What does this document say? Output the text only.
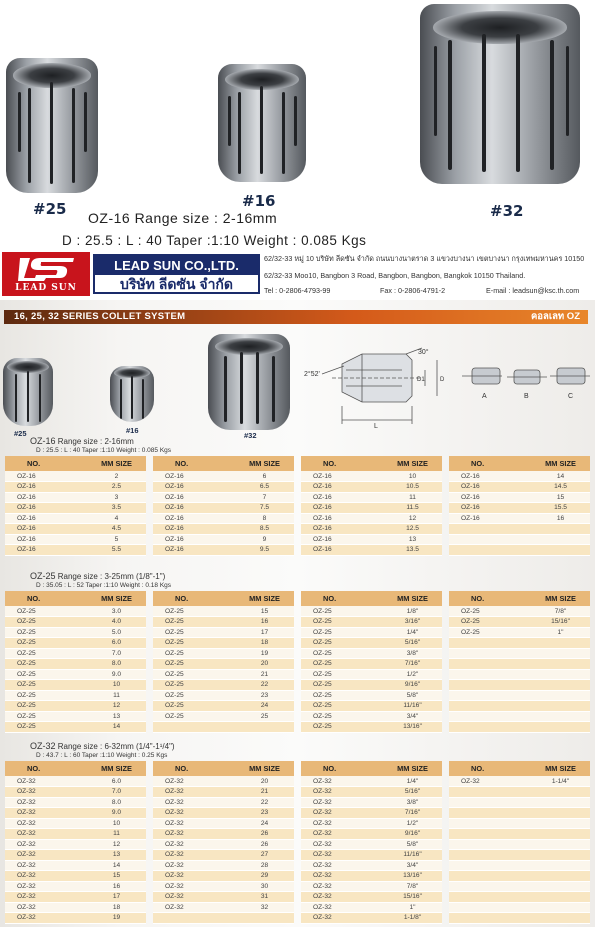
#25	#16
#32
OZ-16 Range size : 2-16mm
D : 25.5 : L : 40 Taper :1:10 Weight : 0.085 Kgs
LEAD SUN
LEAD SUN CO.,LTD.
บริษัท ลีดซัน จำกัด
62/32-33 หมู่ 10 บริษัท ลีดซัน จำกัด ถนนบางนาตราด 3 แขวงบางนา เขตบางนา กรุงเทพมหานคร 10150
62/32-33 Moo10, Bangbon 3 Road, Bangbon, Bangbon, Bangkok 10150 Thailand.
Tel : 0-2806-4793-99	Fax : 0-2806-4791-2	E-mail : leadsun@ksc.th.com
16, 25, 32 SERIES COLLET SYSTEM	คอลเลท OZ
#25	#16
#32
30°
2°52'
D1	D
L
A	B	C
OZ-16 Range size : 2-16mm
D : 25.5 : L : 40 Taper :1:10 Weight : 0.085 Kgs
OZ-25 Range size : 3-25mm (1/8"-1")
D : 35.05 : L : 52 Taper :1:10 Weight : 0.18 Kgs
OZ-32 Range size : 6-32mm (1/4"-1¹/4")
D : 43.7 : L : 60 Taper :1:10 Weight : 0.25 Kgs
NO.	MM SIZE
OZ-16	2
OZ-16	2.5
OZ-16	3
OZ-16	3.5
OZ-16	4
OZ-16	4.5
OZ-16	5
OZ-16	5.5
NO.	MM SIZE
OZ-16	6
OZ-16	6.5
OZ-16	7
OZ-16	7.5
OZ-16	8
OZ-16	8.5
OZ-16	9
OZ-16	9.5
NO.	MM SIZE
OZ-16	10
OZ-16	10.5
OZ-16	11
OZ-16	11.5
OZ-16	12
OZ-16	12.5
OZ-16	13
OZ-16	13.5
NO.	MM SIZE
OZ-16	14
OZ-16	14.5
OZ-16	15
OZ-16	15.5
OZ-16	16

NO.	MM SIZE
OZ-25	3.0
OZ-25	4.0
OZ-25	5.0
OZ-25	6.0
OZ-25	7.0
OZ-25	8.0
OZ-25	9.0
OZ-25	10
OZ-25	11
OZ-25	12
OZ-25	13
OZ-25	14
NO.	MM SIZE
OZ-25	15
OZ-25	16
OZ-25	17
OZ-25	18
OZ-25	19
OZ-25	20
OZ-25	21
OZ-25	22
OZ-25	23
OZ-25	24
OZ-25	25

NO.	MM SIZE
OZ-25	1/8"
OZ-25	3/16"
OZ-25	1/4"
OZ-25	5/16"
OZ-25	3/8"
OZ-25	7/16"
OZ-25	1/2"
OZ-25	9/16"
OZ-25	5/8"
OZ-25	11/16"
OZ-25	3/4"
OZ-25	13/16"
NO.	MM SIZE
OZ-25	7/8"
OZ-25	15/16"
OZ-25	1"

NO.	MM SIZE
OZ-32	6.0
OZ-32	7.0
OZ-32	8.0
OZ-32	9.0
OZ-32	10
OZ-32	11
OZ-32	12
OZ-32	13
OZ-32	14
OZ-32	15
OZ-32	16
OZ-32	17
OZ-32	18
OZ-32	19
NO.	MM SIZE
OZ-32	20
OZ-32	21
OZ-32	22
OZ-32	23
OZ-32	24
OZ-32	26
OZ-32	26
OZ-32	27
OZ-32	28
OZ-32	29
OZ-32	30
OZ-32	31
OZ-32	32

NO.	MM SIZE
OZ-32	1/4"
OZ-32	5/16"
OZ-32	3/8"
OZ-32	7/16"
OZ-32	1/2"
OZ-32	9/16"
OZ-32	5/8"
OZ-32	11/16"
OZ-32	3/4"
OZ-32	13/16"
OZ-32	7/8"
OZ-32	15/16"
OZ-32	1"
OZ-32	1-1/8"
NO.	MM SIZE
OZ-32	1-1/4"
